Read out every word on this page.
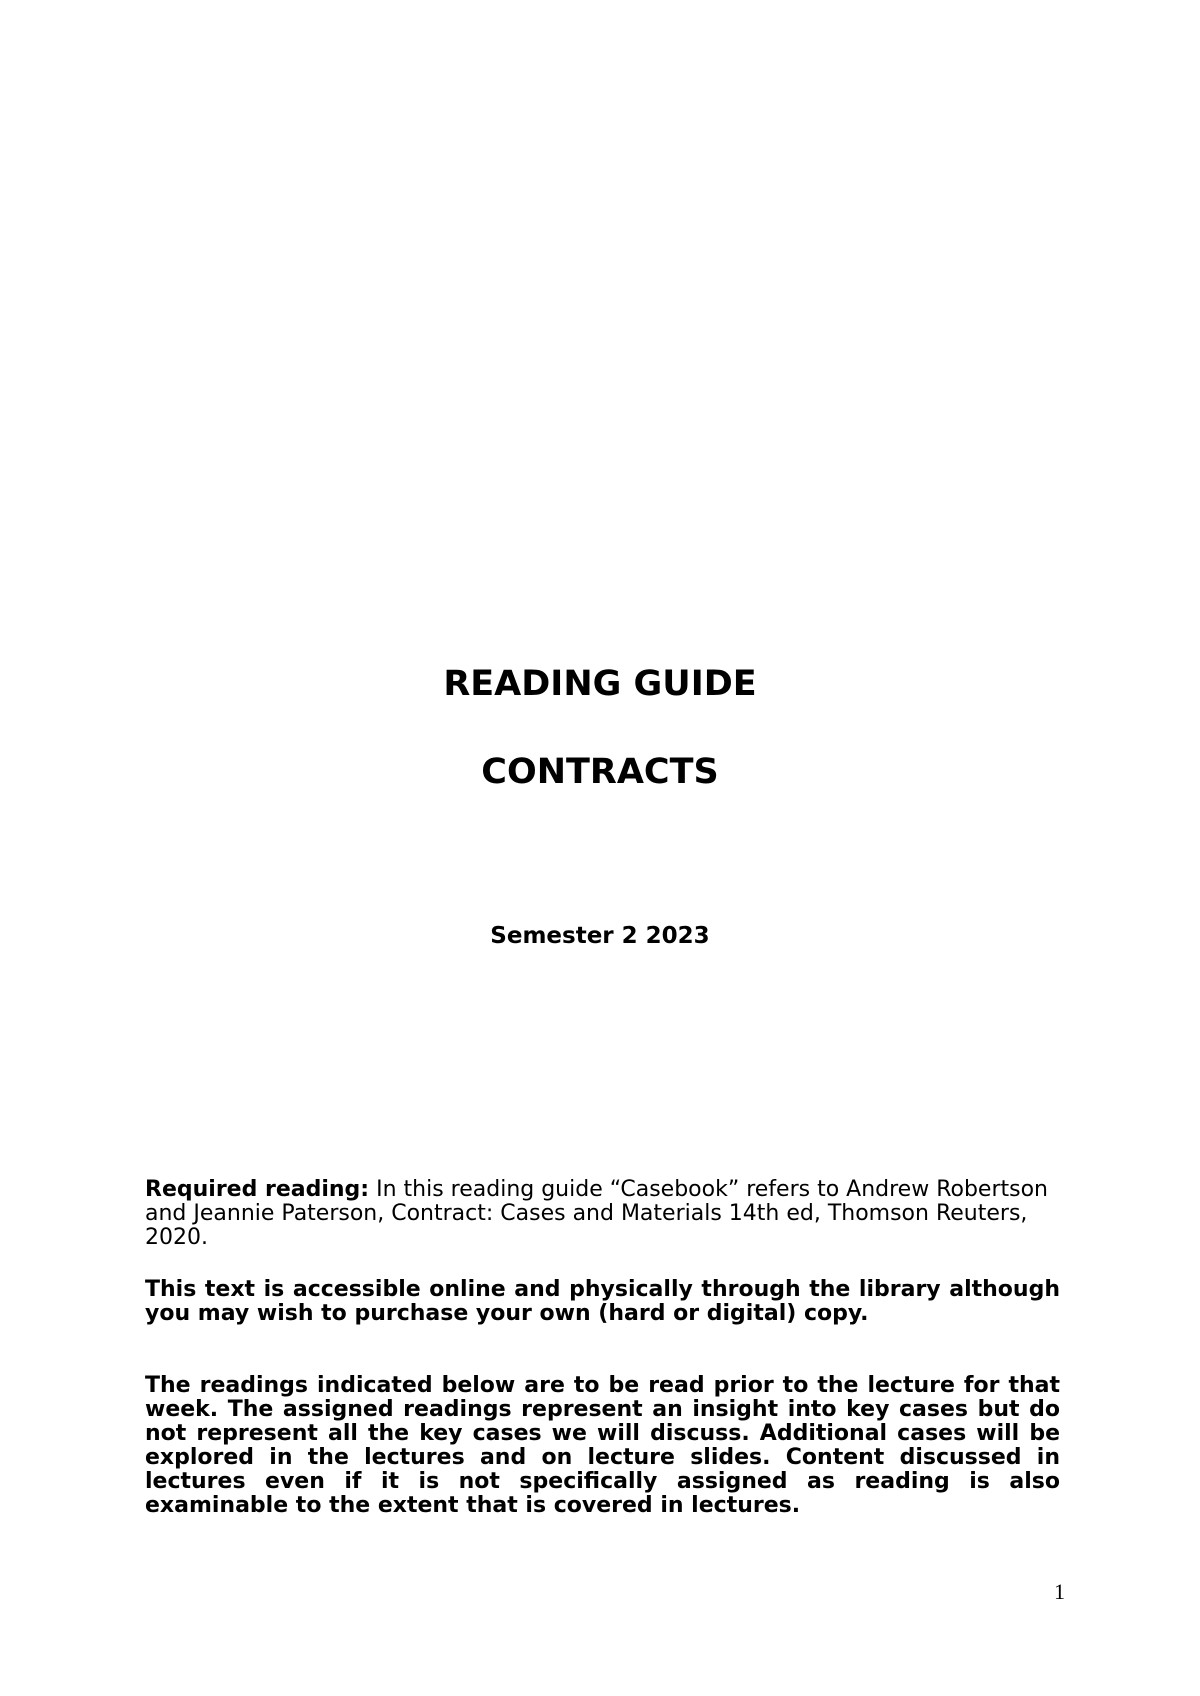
READING GUIDE
CONTRACTS
Semester 2 2023
Required reading: In this reading guide “Casebook” refers to Andrew Robertson and Jeannie Paterson, Contract: Cases and Materials 14th ed, Thomson Reuters, 2020.
This text is accessible online and physically through the library although you may wish to purchase your own (hard or digital) copy.
The readings indicated below are to be read prior to the lecture for that week. The assigned readings represent an insight into key cases but do not represent all the key cases we will discuss. Additional cases will be explored in the lectures and on lecture slides. Content discussed in lectures even if it is not specifically assigned as reading is also examinable to the extent that is covered in lectures.
1
